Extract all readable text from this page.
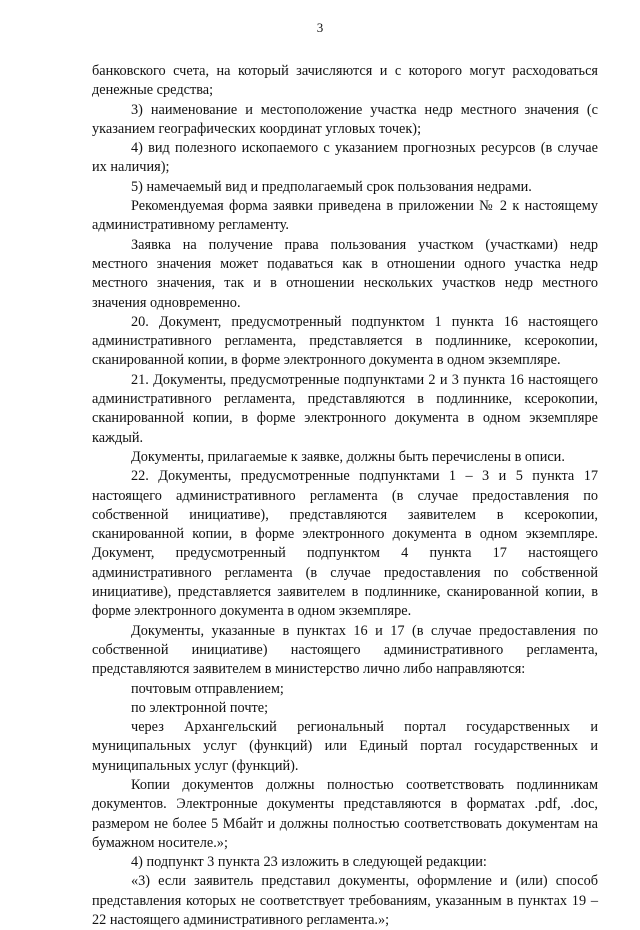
3

банковского счета, на который зачисляются и с которого могут расходоваться денежные средства;

3) наименование и местоположение участка недр местного значения (с указанием географических координат угловых точек);

4) вид полезного ископаемого с указанием прогнозных ресурсов (в случае их наличия);

5) намечаемый вид и предполагаемый срок пользования недрами.

Рекомендуемая форма заявки приведена в приложении № 2 к настоящему административному регламенту.

Заявка на получение права пользования участком (участками) недр местного значения может подаваться как в отношении одного участка недр местного значения, так и в отношении нескольких участков недр местного значения одновременно.

20. Документ, предусмотренный подпунктом 1 пункта 16 настоящего административного регламента, представляется в подлиннике, ксерокопии, сканированной копии, в форме электронного документа в одном экземпляре.

21. Документы, предусмотренные подпунктами 2 и 3 пункта 16 настоящего административного регламента, представляются в подлиннике, ксерокопии, сканированной копии, в форме электронного документа в одном экземпляре каждый.

Документы, прилагаемые к заявке, должны быть перечислены в описи.

22. Документы, предусмотренные подпунктами 1 – 3 и 5 пункта 17 настоящего административного регламента (в случае предоставления по собственной инициативе), представляются заявителем в ксерокопии, сканированной копии, в форме электронного документа в одном экземпляре. Документ, предусмотренный подпунктом 4 пункта 17 настоящего административного регламента (в случае предоставления по собственной инициативе), представляется заявителем в подлиннике, сканированной копии, в форме электронного документа в одном экземпляре.

Документы, указанные в пунктах 16 и 17 (в случае предоставления по собственной инициативе) настоящего административного регламента, представляются заявителем в министерство лично либо направляются:

почтовым отправлением;

по электронной почте;

через Архангельский региональный портал государственных и муниципальных услуг (функций) или Единый портал государственных и муниципальных услуг (функций).

Копии документов должны полностью соответствовать подлинникам документов. Электронные документы представляются в форматах .pdf, .doc, размером не более 5 Мбайт и должны полностью соответствовать документам на бумажном носителе.»;

4) подпункт 3 пункта 23 изложить в следующей редакции:

«3) если заявитель представил документы, оформление и (или) способ представления которых не соответствует требованиям, указанным в пунктах 19 – 22 настоящего административного регламента.»;
